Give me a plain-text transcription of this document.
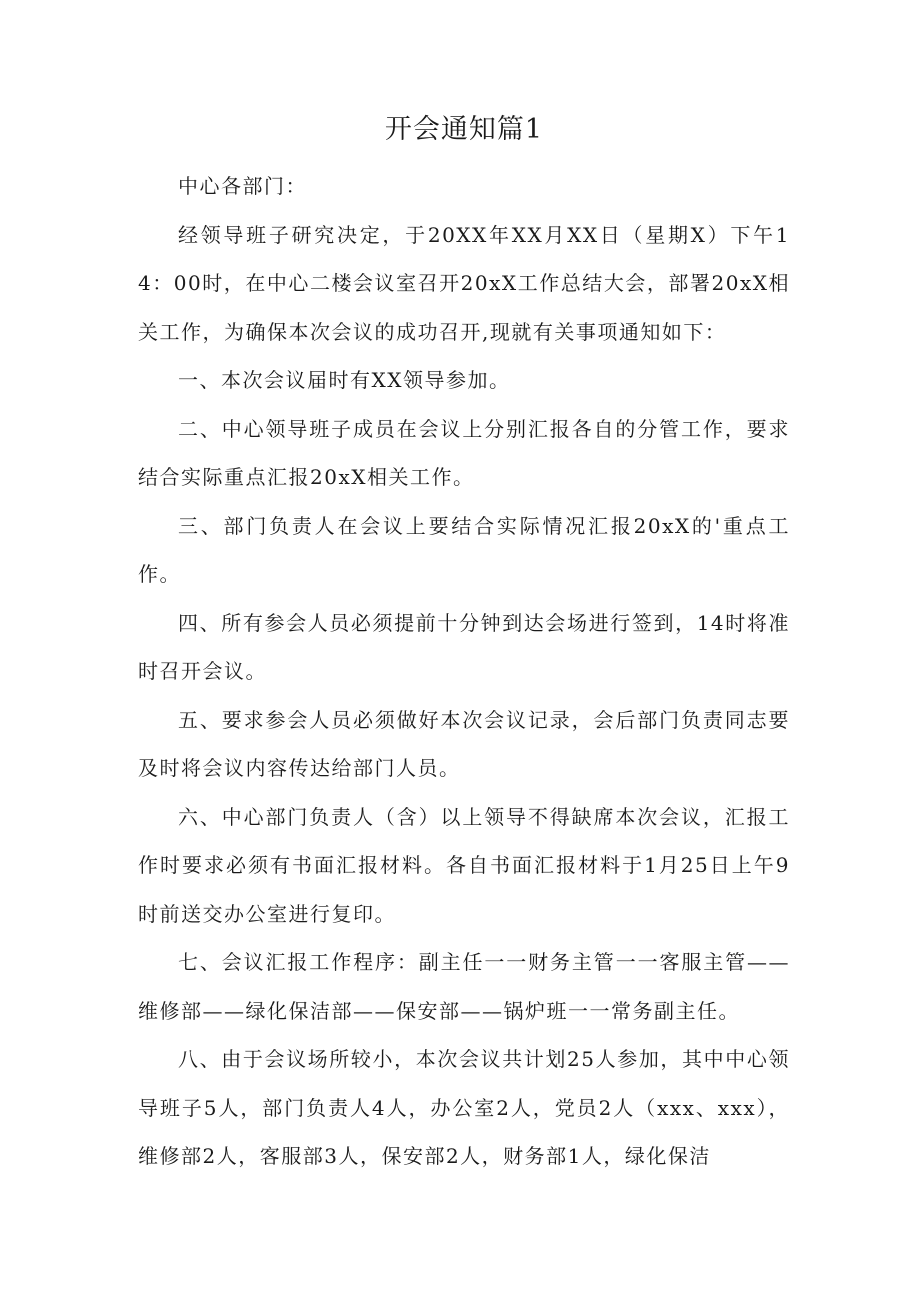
开会通知篇1

中心各部门：

经领导班子研究决定，于20XX年XX月XX日（星期X）下午14：00时，在中心二楼会议室召开20xX工作总结大会，部署20xX相关工作，为确保本次会议的成功召开,现就有关事项通知如下：

一、本次会议届时有XX领导参加。

二、中心领导班子成员在会议上分别汇报各自的分管工作，要求结合实际重点汇报20xX相关工作。

三、部门负责人在会议上要结合实际情况汇报20xX的'重点工作。

四、所有参会人员必须提前十分钟到达会场进行签到，14时将准时召开会议。

五、要求参会人员必须做好本次会议记录，会后部门负责同志要及时将会议内容传达给部门人员。

六、中心部门负责人（含）以上领导不得缺席本次会议，汇报工作时要求必须有书面汇报材料。各自书面汇报材料于1月25日上午9时前送交办公室进行复印。

七、会议汇报工作程序：副主任一一财务主管一一客服主管——维修部——绿化保洁部——保安部——锅炉班一一常务副主任。

八、由于会议场所较小，本次会议共计划25人参加，其中中心领导班子5人，部门负责人4人，办公室2人，党员2人（xxx、xxx），维修部2人，客服部3人，保安部2人，财务部1人，绿化保洁
